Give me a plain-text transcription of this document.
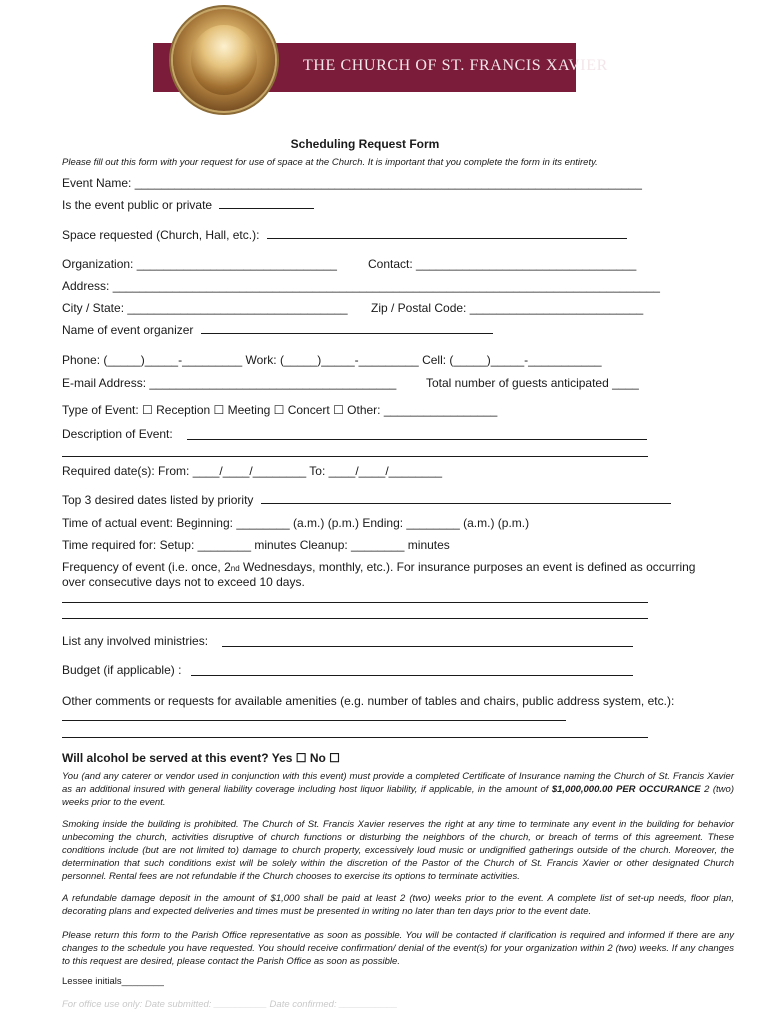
THE CHURCH OF ST. FRANCIS XAVIER
Scheduling Request Form
Please fill out this form with your request for use of space at the Church. It is important that you complete the form in its entirety.
Event Name: ____________________________________________________________________________
Is the event public or private
Space requested (Church, Hall, etc.):
Organization: ______________________________	Contact: _________________________________
Address: __________________________________________________________________________________
City / State: _________________________________ Zip / Postal Code: __________________________
Name of event organizer
Phone: (_____)_____-_________ Work: (_____)_____-_________ Cell: (_____)_____-___________
E-mail Address: _____________________________________ Total number of guests anticipated ____
Type of Event: ☐ Reception ☐ Meeting ☐ Concert ☐ Other: _________________
Description of Event:
Required date(s): From: ____/____/________ To: ____/____/________
Top 3 desired dates listed by priority
Time of actual event: Beginning: ________ (a.m.) (p.m.) Ending: ________ (a.m.) (p.m.)
Time required for: Setup: ________ minutes Cleanup: ________ minutes
Frequency of event (i.e. once, 2nd Wednesdays, monthly, etc.). For insurance purposes an event is defined as occurring
over consecutive days not to exceed 10 days.
List any involved ministries:
Budget (if applicable) :
Other comments or requests for available amenities (e.g. number of tables and chairs, public address system, etc.):
Will alcohol be served at this event? Yes ☐ No ☐
You (and any caterer or vendor used in conjunction with this event) must provide a completed Certificate of Insurance naming the Church of St. Francis Xavier as an additional insured with general liability coverage including host liquor liability, if applicable, in the amount of $1,000,000.00 PER OCCURANCE 2 (two) weeks prior to the event.
Smoking inside the building is prohibited. The Church of St. Francis Xavier reserves the right at any time to terminate any event in the building for behavior unbecoming the church, activities disruptive of church functions or disturbing the neighbors of the church, or breach of terms of this agreement. These conditions include (but are not limited to) damage to church property, excessively loud music or undignified gatherings outside of the church. Moreover, the determination that such conditions exist will be solely within the discretion of the Pastor of the Church of St. Francis Xavier or other designated Church personnel. Rental fees are not refundable if the Church chooses to exercise its options to terminate activities.
A refundable damage deposit in the amount of $1,000 shall be paid at least 2 (two) weeks prior to the event. A complete list of set-up needs, floor plan, decorating plans and expected deliveries and times must be presented in writing no later than ten days prior to the event date.
Please return this form to the Parish Office representative as soon as possible. You will be contacted if clarification is required and informed if there are any changes to the schedule you have requested. You should receive confirmation/ denial of the event(s) for your organization within 2 (two) weeks. If any changes to this request are desired, please contact the Parish Office as soon as possible.
Lessee initials________
For office use only: Date submitted: __________ Date confirmed: ___________
